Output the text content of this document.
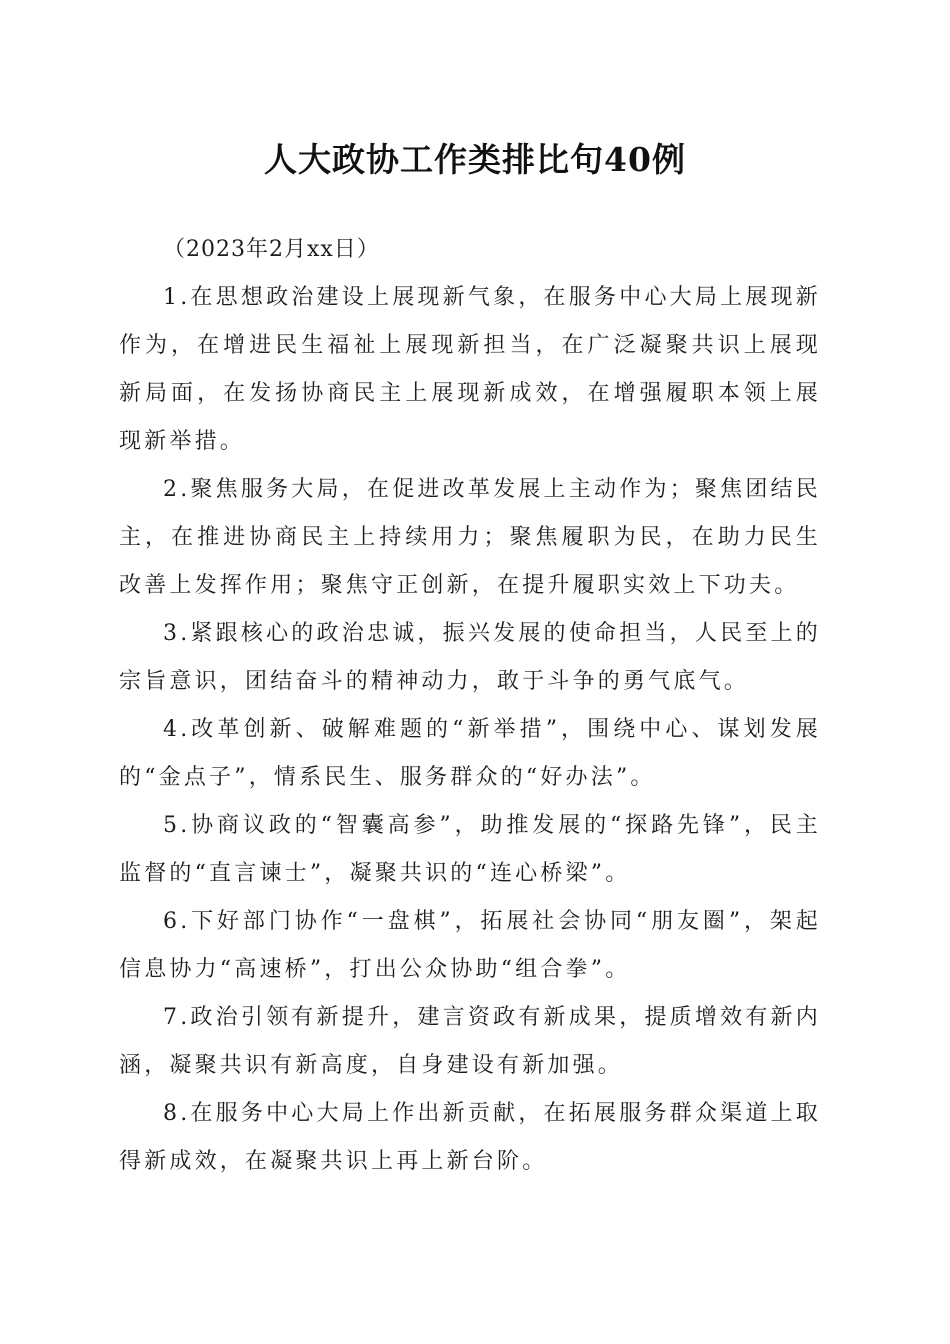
人大政协工作类排比句40例

（2023年2月xx日）

1.在思想政治建设上展现新气象，在服务中心大局上展现新作为，在增进民生福祉上展现新担当，在广泛凝聚共识上展现新局面，在发扬协商民主上展现新成效，在增强履职本领上展现新举措。

2.聚焦服务大局，在促进改革发展上主动作为；聚焦团结民主，在推进协商民主上持续用力；聚焦履职为民，在助力民生改善上发挥作用；聚焦守正创新，在提升履职实效上下功夫。

3.紧跟核心的政治忠诚，振兴发展的使命担当，人民至上的宗旨意识，团结奋斗的精神动力，敢于斗争的勇气底气。

4.改革创新、破解难题的“新举措”，围绕中心、谋划发展的“金点子”，情系民生、服务群众的“好办法”。

5.协商议政的“智囊高参”，助推发展的“探路先锋”，民主监督的“直言谏士”，凝聚共识的“连心桥梁”。

6.下好部门协作“一盘棋”，拓展社会协同“朋友圈”，架起信息协力“高速桥”，打出公众协助“组合拳”。

7.政治引领有新提升，建言资政有新成果，提质增效有新内涵，凝聚共识有新高度，自身建设有新加强。

8.在服务中心大局上作出新贡献，在拓展服务群众渠道上取得新成效，在凝聚共识上再上新台阶。
